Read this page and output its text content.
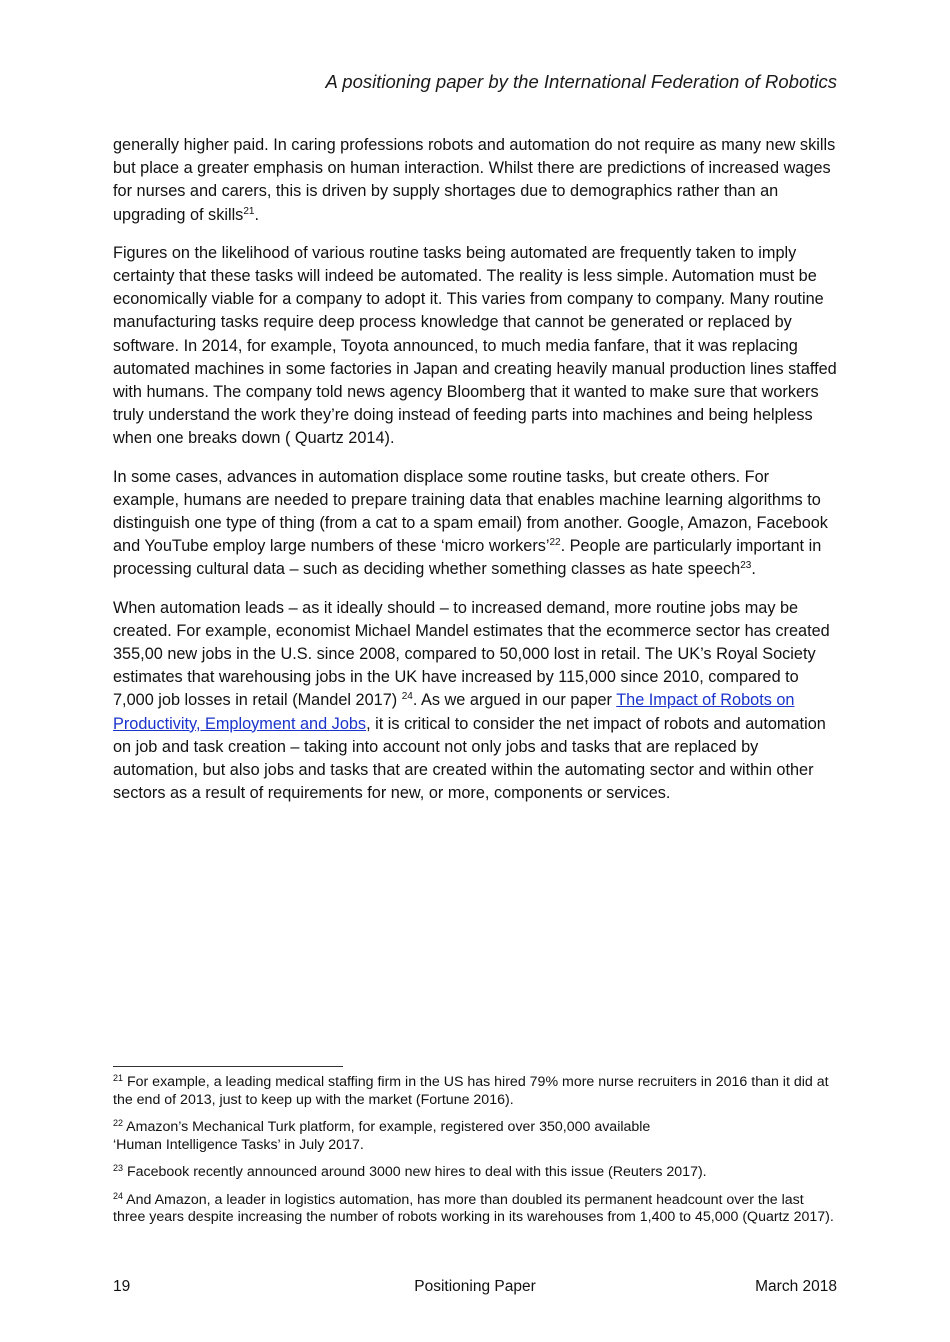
A positioning paper by the International Federation of Robotics

generally higher paid. In caring professions robots and automation do not require as many new skills but place a greater emphasis on human interaction. Whilst there are predictions of increased wages for nurses and carers, this is driven by supply shortages due to demographics rather than an upgrading of skills$^{21}$.

Figures on the likelihood of various routine tasks being automated are frequently taken to imply certainty that these tasks will indeed be automated. The reality is less simple. Automation must be economically viable for a company to adopt it. This varies from company to company. Many routine manufacturing tasks require deep process knowledge that cannot be generated or replaced by software. In 2014, for example, Toyota announced, to much media fanfare, that it was replacing automated machines in some factories in Japan and creating heavily manual production lines staffed with humans. The company told news agency Bloomberg that it wanted to make sure that workers truly understand the work they’re doing instead of feeding parts into machines and being helpless when one breaks down ( Quartz 2014).

In some cases, advances in automation displace some routine tasks, but create others. For example, humans are needed to prepare training data that enables machine learning algorithms to distinguish one type of thing (from a cat to a spam email) from another. Google, Amazon, Facebook and YouTube employ large numbers of these ‘micro workers’$^{22}$. People are particularly important in processing cultural data – such as deciding whether something classes as hate speech$^{23}$.

When automation leads – as it ideally should – to increased demand, more routine jobs may be created. For example, economist Michael Mandel estimates that the ecommerce sector has created 355,00 new jobs in the U.S. since 2008, compared to 50,000 lost in retail. The UK’s Royal Society estimates that warehousing jobs in the UK have increased by 115,000 since 2010, compared to 7,000 job losses in retail (Mandel 2017) $^{24}$. As we argued in our paper The Impact of Robots on Productivity, Employment and Jobs, it is critical to consider the net impact of robots and automation on job and task creation – taking into account not only jobs and tasks that are replaced by automation, but also jobs and tasks that are created within the automating sector and within other sectors as a result of requirements for new, or more, components or services.

$^{21}$ For example, a leading medical staffing firm in the US has hired 79% more nurse recruiters in 2016 than it did at the end of 2013, just to keep up with the market (Fortune 2016).

$^{22}$ Amazon’s Mechanical Turk platform, for example, registered over 350,000 available
‘Human Intelligence Tasks’ in July 2017.

$^{23}$ Facebook recently announced around 3000 new hires to deal with this issue (Reuters 2017).

$^{24}$ And Amazon, a leader in logistics automation, has more than doubled its permanent headcount over the last three years despite increasing the number of robots working in its warehouses from 1,400 to 45,000 (Quartz 2017).

19	Positioning Paper	March 2018
